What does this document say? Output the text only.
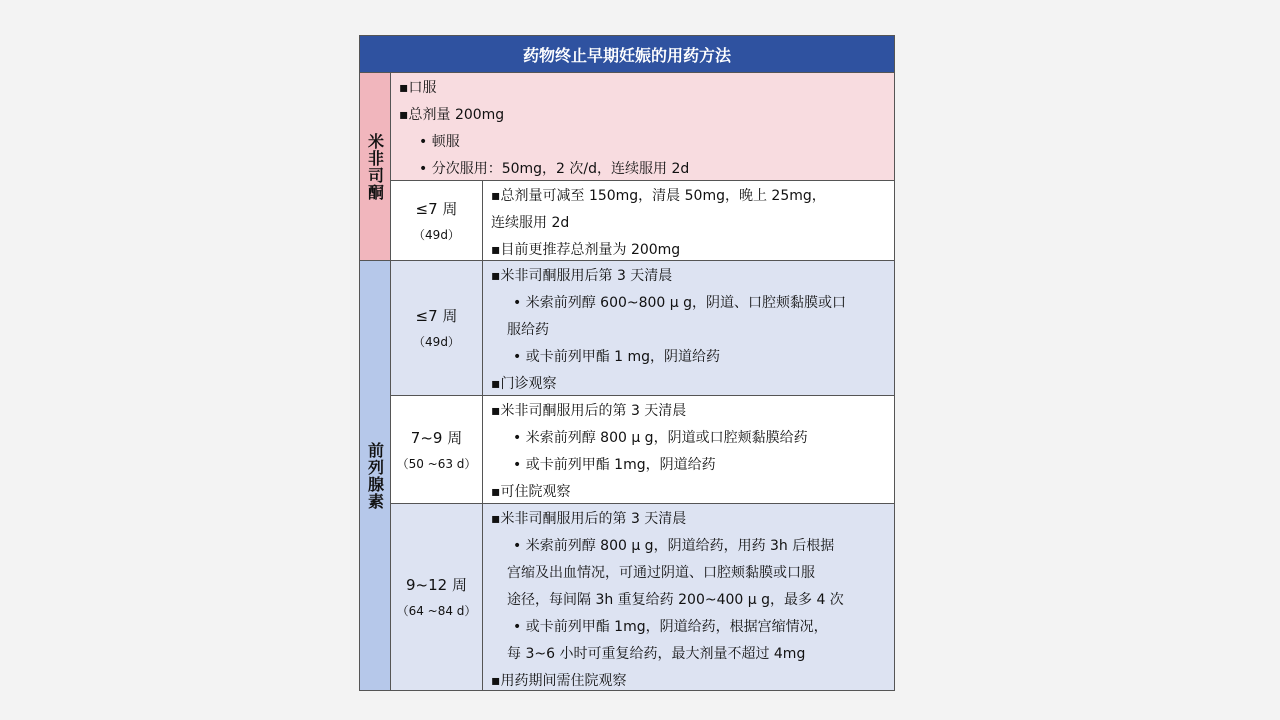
药物终止早期妊娠的用药方法
米非司酮
▪口服
▪总剂量 200mg
• 顿服
• 分次服用：50mg，2 次/d，连续服用 2d
≤7 周
（49d）
▪总剂量可减至 150mg，清晨 50mg，晚上 25mg，
连续服用 2d
▪目前更推荐总剂量为 200mg
前列腺素
≤7 周
（49d）
▪米非司酮服用后第 3 天清晨
• 米索前列醇 600~800 μ g，阴道、口腔颊黏膜或口
服给药
• 或卡前列甲酯 1 mg，阴道给药
▪门诊观察
7~9 周
（50 ~63 d）
▪米非司酮服用后的第 3 天清晨
• 米索前列醇 800 μ g，阴道或口腔颊黏膜给药
• 或卡前列甲酯 1mg，阴道给药
▪可住院观察
9~12 周
（64 ~84 d）
▪米非司酮服用后的第 3 天清晨
• 米索前列醇 800 μ g，阴道给药，用药 3h 后根据
宫缩及出血情况，可通过阴道、口腔颊黏膜或口服
途径，每间隔 3h 重复给药 200~400 μ g，最多 4 次
• 或卡前列甲酯 1mg，阴道给药，根据宫缩情况，
每 3~6 小时可重复给药，最大剂量不超过 4mg
▪用药期间需住院观察
